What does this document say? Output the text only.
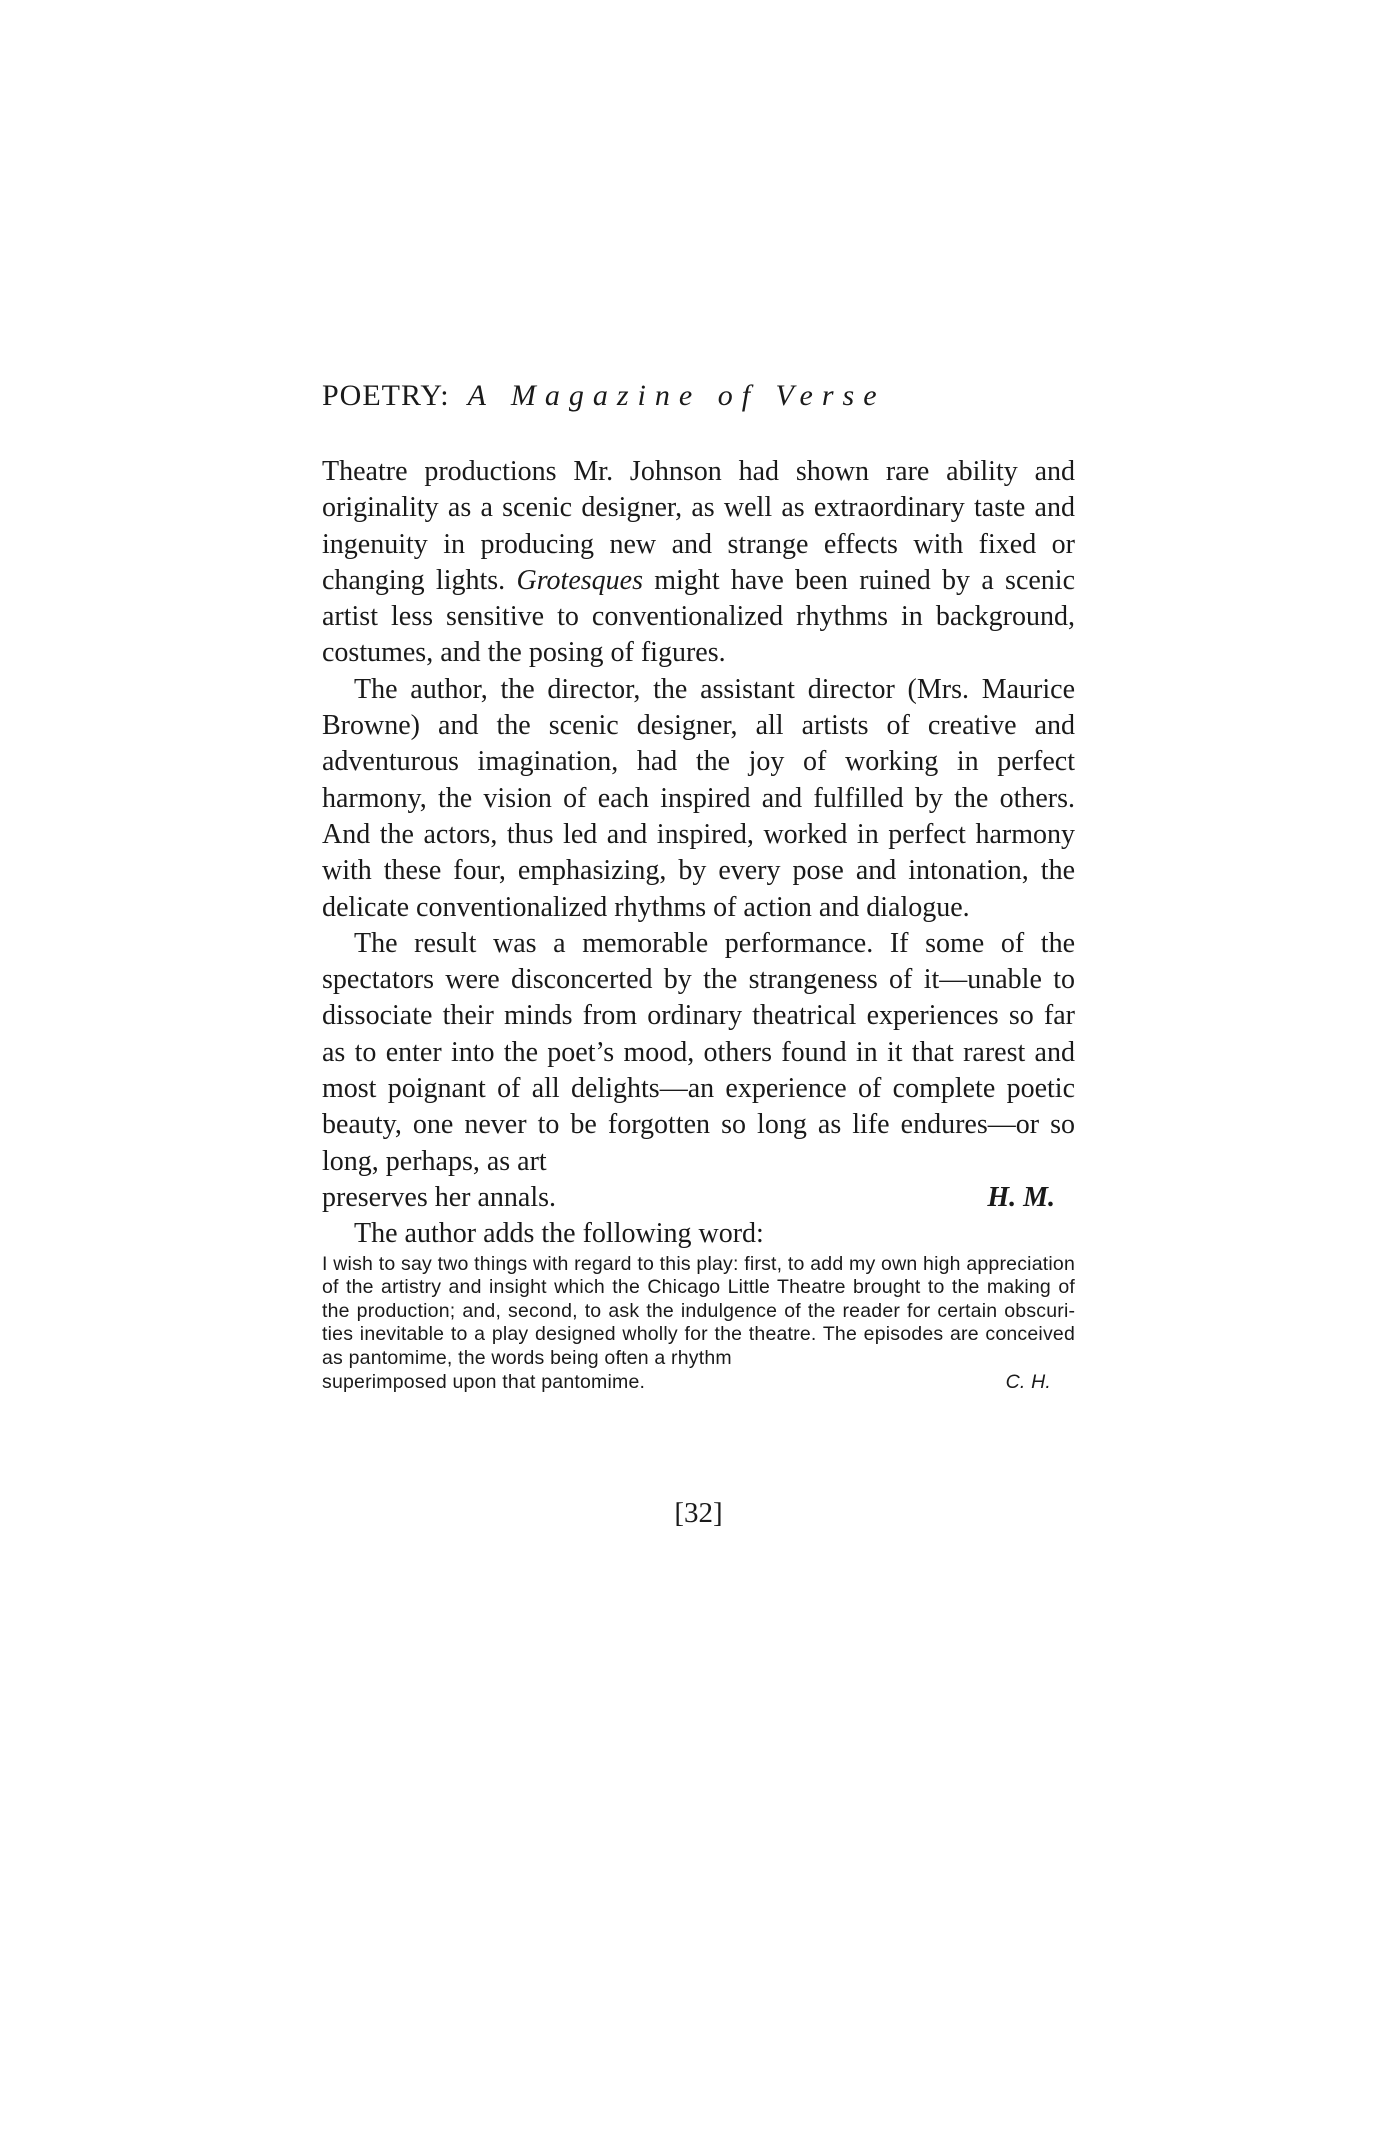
POETRY: A Magazine of Verse

Theatre productions Mr. Johnson had shown rare ability and originality as a scenic designer, as well as extraordinary taste and ingenuity in producing new and strange effects with fixed or changing lights. Grotesques might have been ruined by a scenic artist less sensitive to conventionalized rhythms in background, costumes, and the posing of figures.

The author, the director, the assistant director (Mrs. Maurice Browne) and the scenic designer, all artists of creative and adventurous imagination, had the joy of working in perfect harmony, the vision of each inspired and fulfilled by the others. And the actors, thus led and inspired, worked in perfect harmony with these four, emphasizing, by every pose and intonation, the delicate conventionalized rhythms of action and dialogue.

The result was a memorable performance. If some of the spectators were disconcerted by the strangeness of it—unable to dissociate their minds from ordinary theatrical experiences so far as to enter into the poet’s mood, others found in it that rarest and most poignant of all delights—an experience of complete poetic beauty, one never to be forgotten so long as life endures—or so long, perhaps, as art

preserves her annals.	H. M.

The author adds the following word:

I wish to say two things with regard to this play: first, to add my own high appreciation of the artistry and insight which the Chicago Little Theatre brought to the making of the production; and, second, to ask the indulgence of the reader for certain obscurities inevitable to a play designed wholly for the theatre. The episodes are conceived as pantomime, the words being often a rhythm

superimposed upon that pantomime.	C. H.
[32]
